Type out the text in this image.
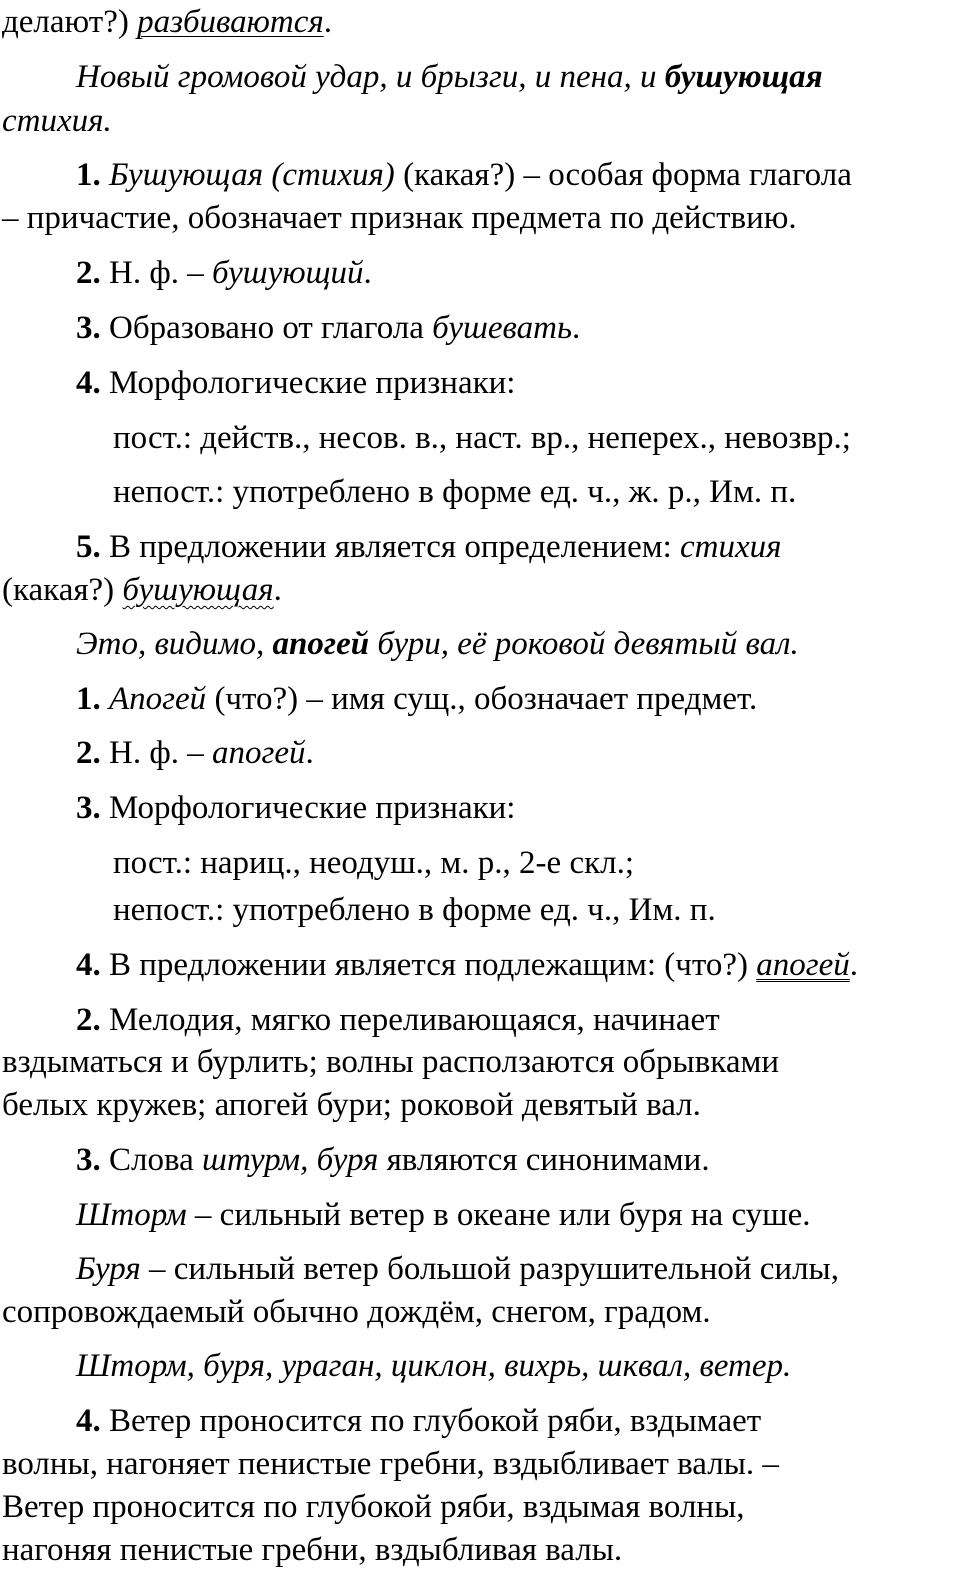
делают?) разбиваются.
Новый громовой удар, и брызги, и пена, и бушующая
стихия.
1. Бушующая (стихия) (какая?) – особая форма глагола
– причастие, обозначает признак предмета по действию.
2. Н. ф. – бушующий.
3. Образовано от глагола бушевать.
4. Морфологические признаки:
пост.: действ., несов. в., наст. вр., неперех., невозвр.;
непост.: употреблено в форме ед. ч., ж. р., Им. п.
5. В предложении является определением: стихия
(какая?) бушующая.
Это, видимо, апогей бури, её роковой девятый вал.
1. Апогей (что?) – имя сущ., обозначает предмет.
2. Н. ф. – апогей.
3. Морфологические признаки:
пост.: нариц., неодуш., м. р., 2-е скл.;
непост.: употреблено в форме ед. ч., Им. п.
4. В предложении является подлежащим: (что?) апогей.
2. Мелодия, мягко переливающаяся, начинает
вздыматься и бурлить; волны расползаются обрывками
белых кружев; апогей бури; роковой девятый вал.
3. Слова штурм, буря являются синонимами.
Шторм – сильный ветер в океане или буря на суше.
Буря – сильный ветер большой разрушительной силы,
сопровождаемый обычно дождём, снегом, градом.
Шторм, буря, ураган, циклон, вихрь, шквал, ветер.
4. Ветер проносится по глубокой ряби, вздымает
волны, нагоняет пенистые гребни, вздыбливает валы. –
Ветер проносится по глубокой ряби, вздымая волны,
нагоняя пенистые гребни, вздыбливая валы.
